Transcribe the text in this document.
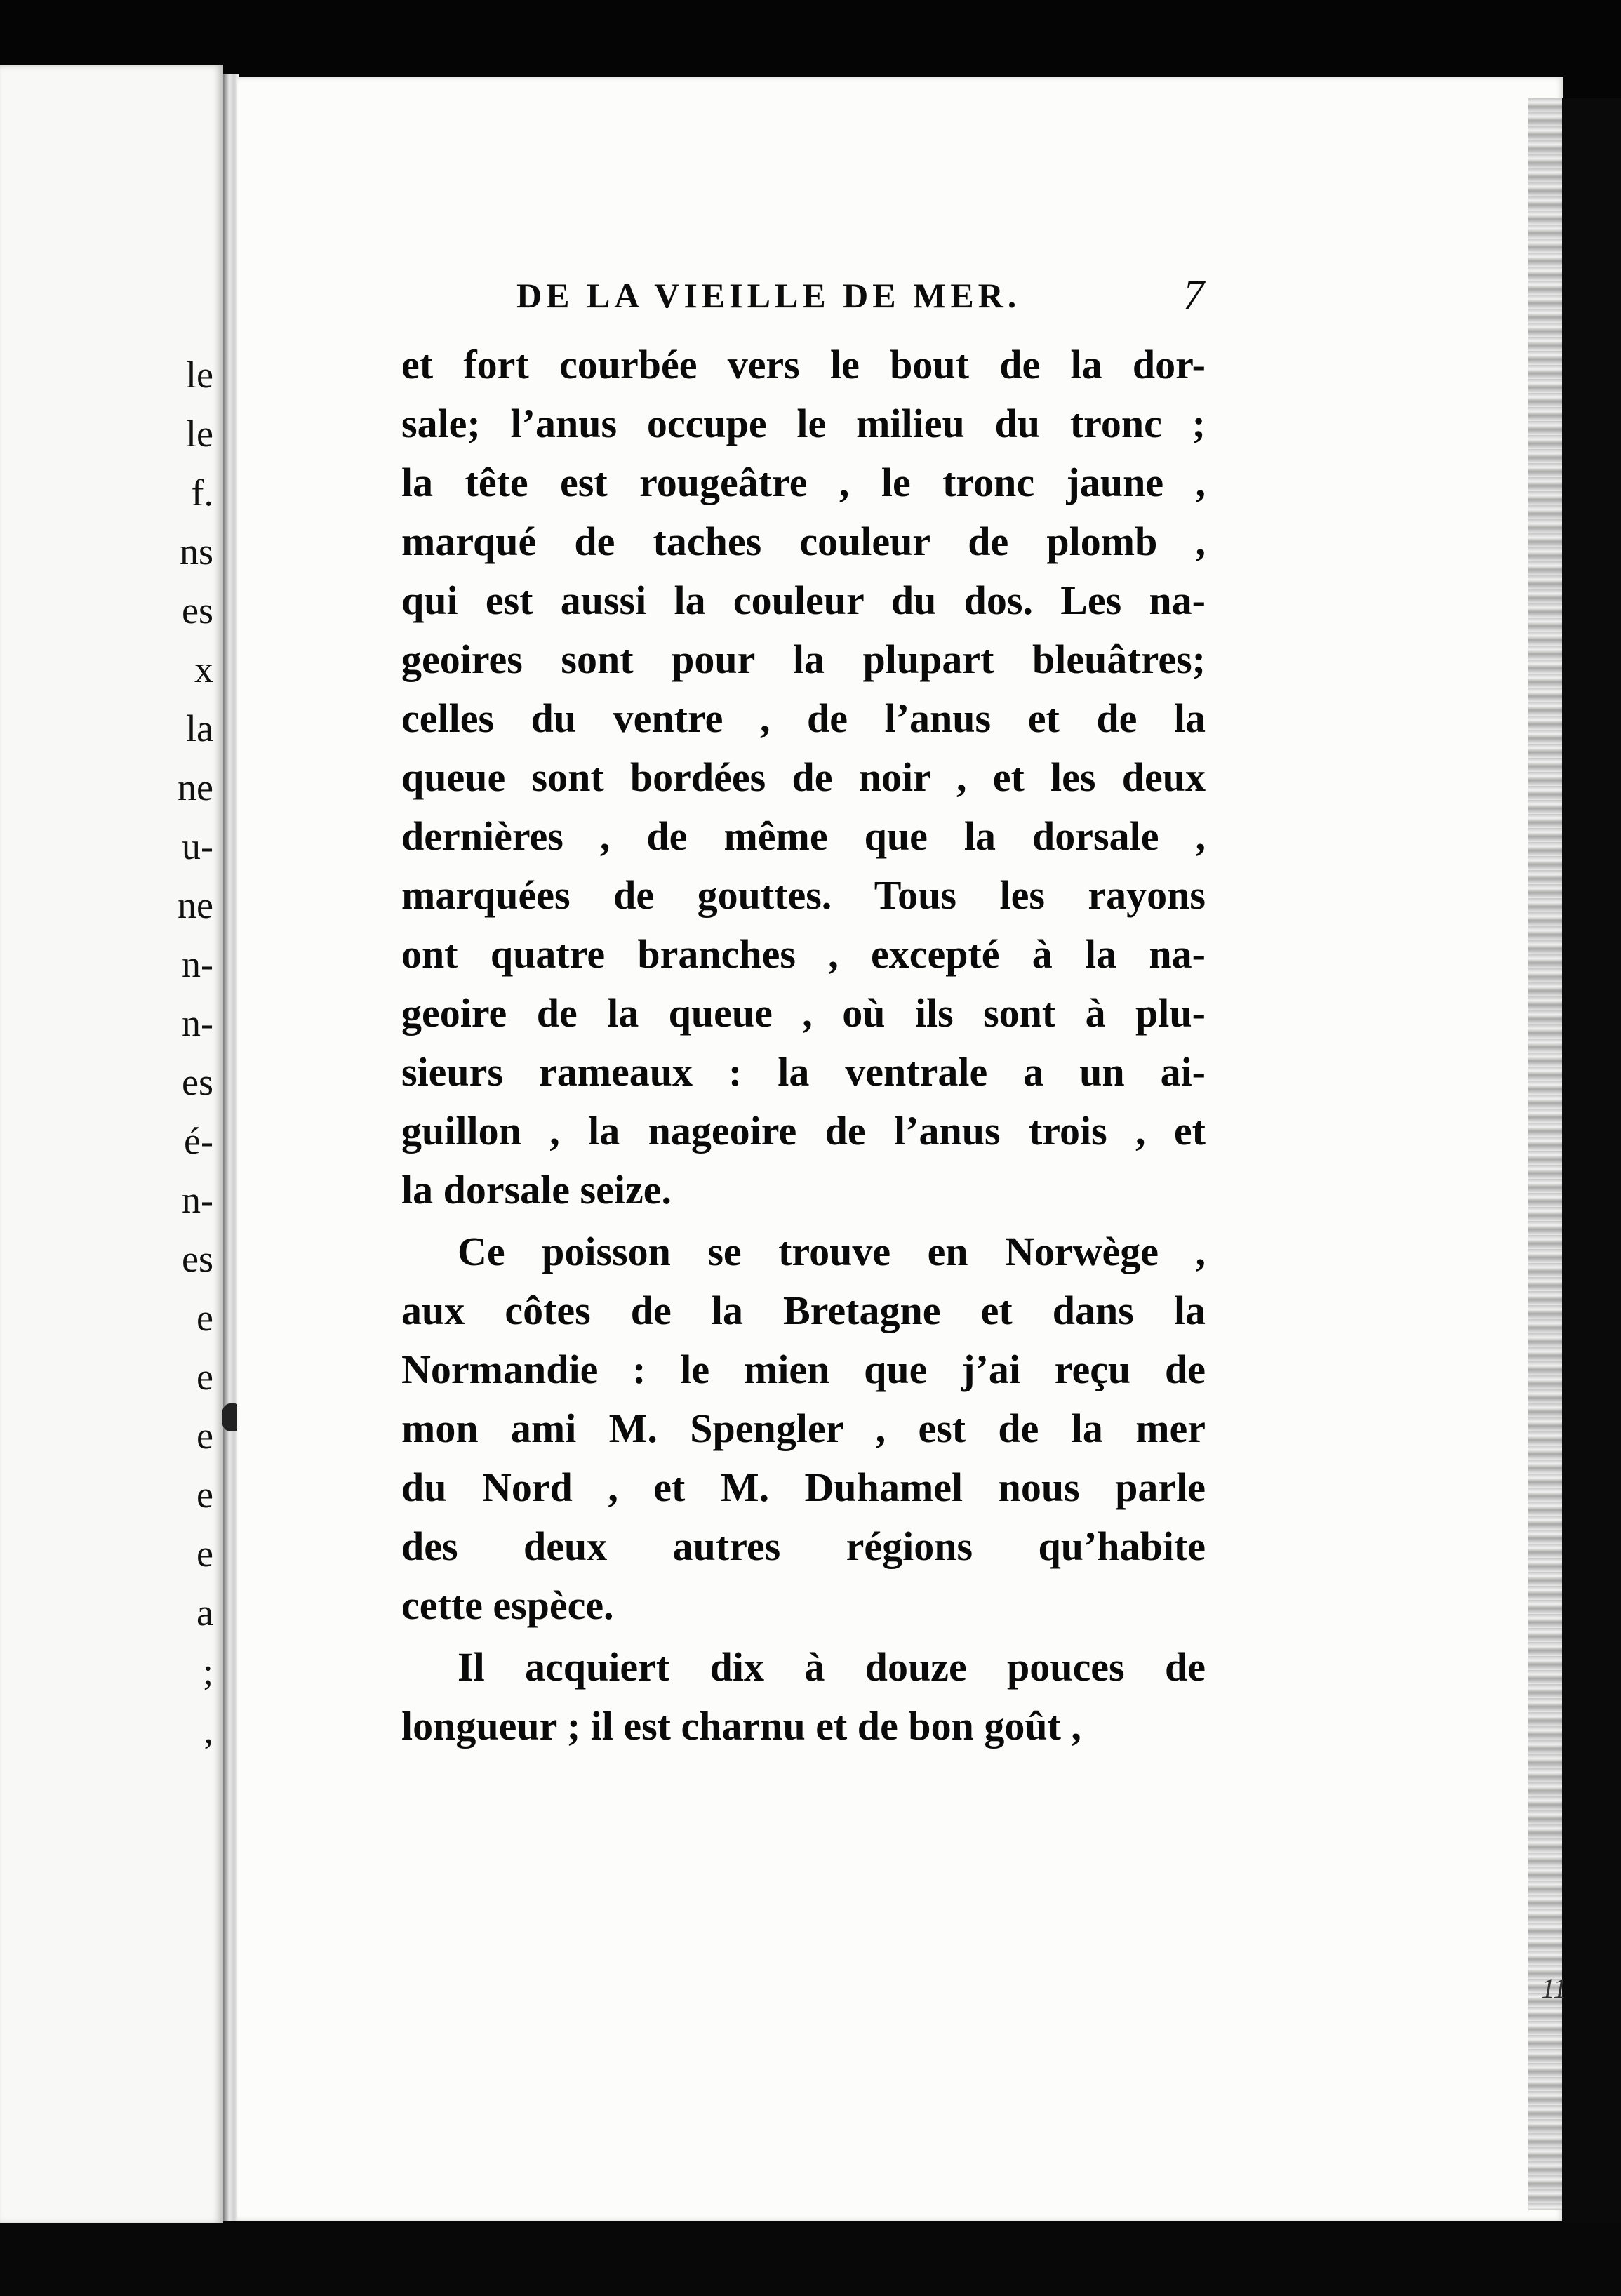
le
le
f.
ns
es
x
la
ne
u-
ne
n-
n-
es
é-
n-
es
e
e
e
e
e
a
;
,
DE LA VIEILLE DE MER.	7
et fort courbée vers le bout de la dor-
sale; l’anus occupe le milieu du tronc ;
la tête est rougeâtre , le tronc jaune ,
marqué de taches couleur de plomb ,
qui est aussi la couleur du dos. Les na-
geoires sont pour la plupart bleuâtres;
celles du ventre , de l’anus et de la
queue sont bordées de noir , et les deux
dernières , de même que la dorsale ,
marquées de gouttes. Tous les rayons
ont quatre branches , excepté à la na-
geoire de la queue , où ils sont à plu-
sieurs rameaux : la ventrale a un ai-
guillon , la nageoire de l’anus trois , et
la dorsale seize.
Ce poisson se trouve en Norwège ,
aux côtes de la Bretagne et dans la
Normandie : le mien que j’ai reçu de
mon ami M. Spengler , est de la mer
du Nord , et M. Duhamel nous parle
des deux autres régions qu’habite
cette espèce.
Il acquiert dix à douze pouces de
longueur ; il est charnu et de bon goût ,
11
